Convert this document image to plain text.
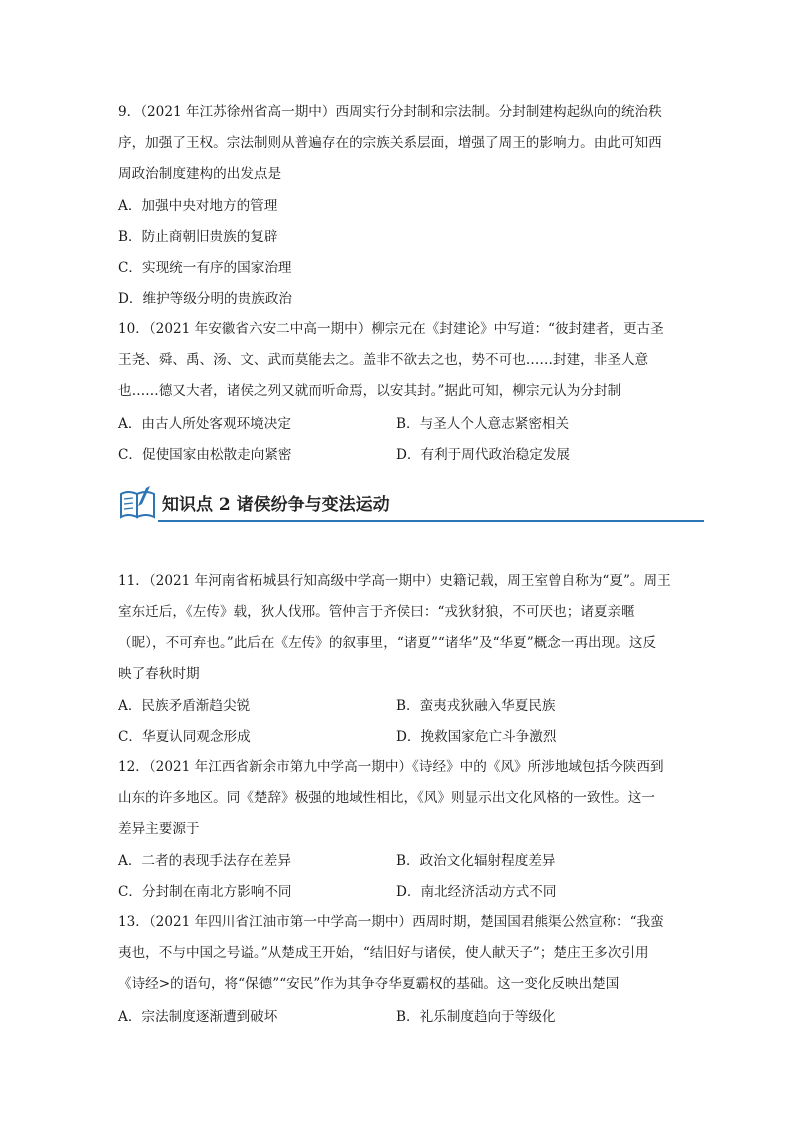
9．（2021 年江苏徐州省高一期中）西周实行分封制和宗法制。分封制建构起纵向的统治秩

序，加强了王权。宗法制则从普遍存在的宗族关系层面，增强了周王的影响力。由此可知西

周政治制度建构的出发点是

A．加强中央对地方的管理
B．防止商朝旧贵族的复辟
C．实现统一有序的国家治理
D．维护等级分明的贵族政治

10．（2021 年安徽省六安二中高一期中）柳宗元在《封建论》中写道：“彼封建者，更古圣

王尧、舜、禹、汤、文、武而莫能去之。盖非不欲去之也，势不可也……封建，非圣人意

也……德又大者，诸侯之列又就而听命焉，以安其封。”据此可知，柳宗元认为分封制

A．由古人所处客观环境决定	B．与圣人个人意志紧密相关
C．促使国家由松散走向紧密	D．有利于周代政治稳定发展
知识点 2 诸侯纷争与变法运动

11．（2021 年河南省柘城县行知高级中学高一期中）史籍记载，周王室曾自称为“夏”。周王

室东迁后，《左传》载，狄人伐邢。管仲言于齐侯曰：“戎狄豺狼，不可厌也；诸夏亲暱

（昵），不可弃也。”此后在《左传》的叙事里，“诸夏”“诸华”及“华夏”概念一再出现。这反

映了春秋时期

A．民族矛盾渐趋尖锐	B．蛮夷戎狄融入华夏民族
C．华夏认同观念形成	D．挽救国家危亡斗争激烈

12．（2021 年江西省新余市第九中学高一期中）《诗经》中的《风》所涉地域包括今陕西到

山东的许多地区。同《楚辞》极强的地域性相比，《风》则显示出文化风格的一致性。这一

差异主要源于

A．二者的表现手法存在差异	B．政治文化辐射程度差异
C．分封制在南北方影响不同	D．南北经济活动方式不同

13．（2021 年四川省江油市第一中学高一期中）西周时期，楚国国君熊渠公然宣称：“我蛮

夷也，不与中国之号谥。”从楚成王开始，“结旧好与诸侯，使人献天子”；楚庄王多次引用

《诗经>的语句，将“保德”“安民”作为其争夺华夏霸权的基础。这一变化反映出楚国

A．宗法制度逐渐遭到破坏	B．礼乐制度趋向于等级化
